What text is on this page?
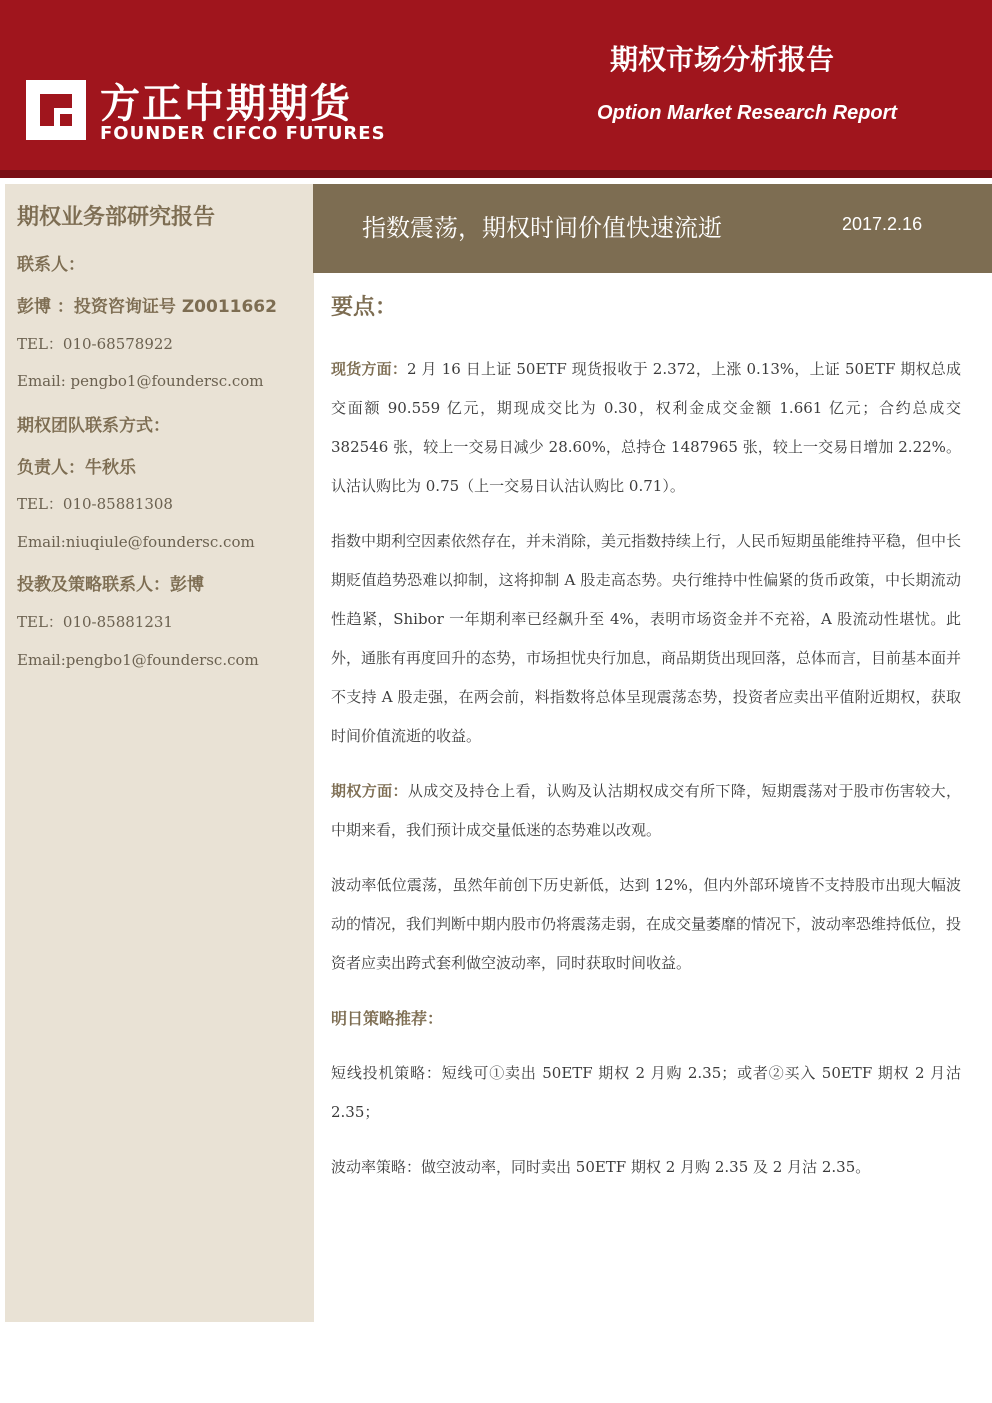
方正中期期货
FOUNDER CIFCO FUTURES
期权市场分析报告
Option Market Research Report
期权业务部研究报告
联系人：
彭博 ：投资咨询证号 Z0011662
TEL：010-68578922
Email: pengbo1@foundersc.com
期权团队联系方式：
负责人：牛秋乐
TEL：010-85881308
Email:niuqiule@foundersc.com
投教及策略联系人：彭博
TEL：010-85881231
Email:pengbo1@foundersc.com
指数震荡，期权时间价值快速流逝	2017.2.16
要点：

现货方面：2 月 16 日上证 50ETF 现货报收于 2.372，上涨 0.13%，上证 50ETF 期权总成交面额 90.559 亿元，期现成交比为 0.30，权利金成交金额 1.661 亿元；合约总成交 382546 张，较上一交易日减少 28.60%，总持仓 1487965 张，较上一交易日增加 2.22%。认沽认购比为 0.75（上一交易日认沽认购比 0.71）。

指数中期利空因素依然存在，并未消除，美元指数持续上行，人民币短期虽能维持平稳，但中长期贬值趋势恐难以抑制，这将抑制 A 股走高态势。央行维持中性偏紧的货币政策，中长期流动性趋紧，Shibor 一年期利率已经飙升至 4%，表明市场资金并不充裕，A 股流动性堪忧。此外，通胀有再度回升的态势，市场担忧央行加息，商品期货出现回落，总体而言，目前基本面并不支持 A 股走强，在两会前，料指数将总体呈现震荡态势，投资者应卖出平值附近期权，获取时间价值流逝的收益。

期权方面：从成交及持仓上看，认购及认沽期权成交有所下降，短期震荡对于股市伤害较大，中期来看，我们预计成交量低迷的态势难以改观。

波动率低位震荡，虽然年前创下历史新低，达到 12%，但内外部环境皆不支持股市出现大幅波动的情况，我们判断中期内股市仍将震荡走弱，在成交量萎靡的情况下，波动率恐维持低位，投资者应卖出跨式套利做空波动率，同时获取时间收益。

明日策略推荐：

短线投机策略：短线可①卖出 50ETF 期权 2 月购 2.35；或者②买入 50ETF 期权 2 月沽 2.35；

波动率策略：做空波动率，同时卖出 50ETF 期权 2 月购 2.35 及 2 月沽 2.35。
